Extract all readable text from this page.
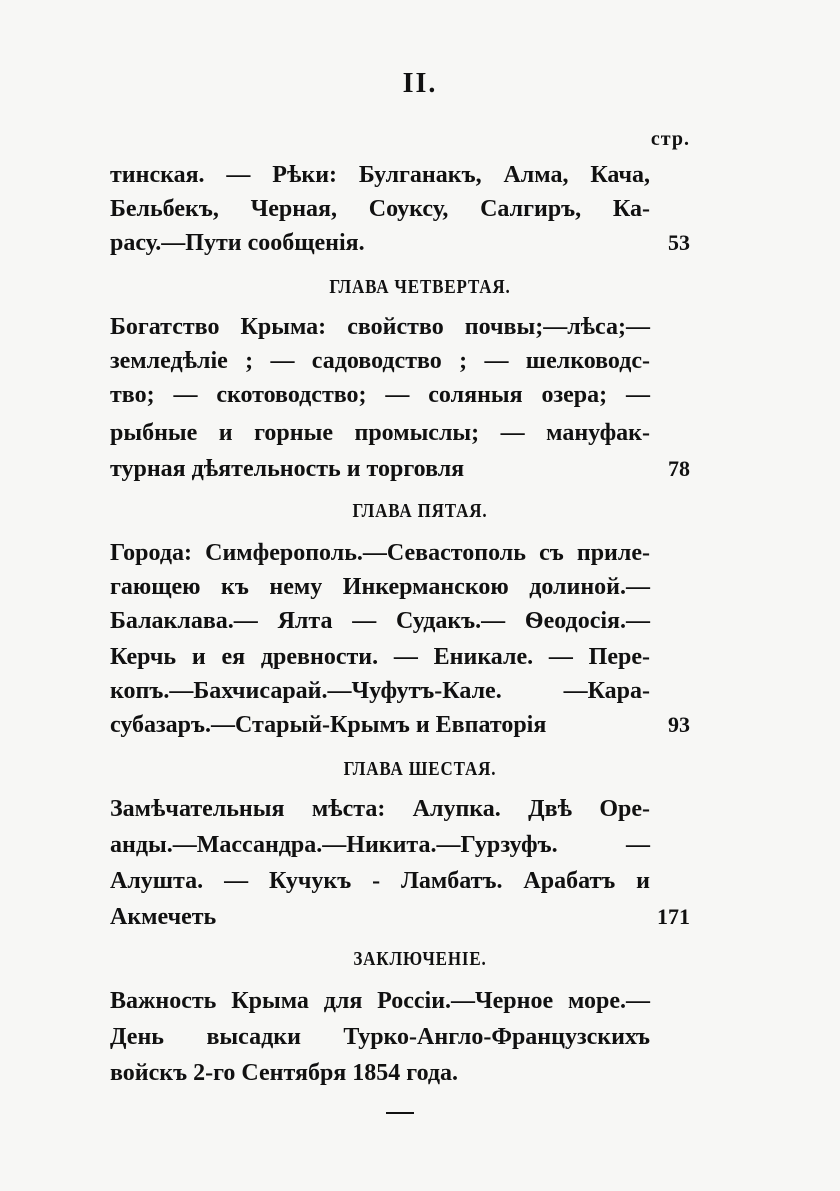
II.
стр.
тинская. — Рѣки: Булганакъ, Алма, Кача,
Бельбекъ, Черная, Соуксу, Салгиръ, Ка-
расу.—Пути сообщенія.	53
ГЛАВА ЧЕТВЕРТАЯ.
Богатство Крыма: свойство почвы;—лѣса;—
земледѣліе ; — садоводство ; — шелководс-
тво; — скотоводство; — соляныя озера; —
рыбные и горные промыслы; — мануфак-
турная дѣятельность и торговля	78
ГЛАВА ПЯТАЯ.
Города: Симферополь.—Севастополь съ приле-
гающею къ нему Инкерманскою долиной.—
Балаклава.— Ялта — Судакъ.— Ѳеодосія.—
Керчь и ея древности. — Еникале. — Пере-
копъ.—Бахчисарай.—Чуфутъ-Кале. —Кара-
субазаръ.—Старый-Крымъ и Евпаторія	93
ГЛАВА ШЕСТАЯ.
Замѣчательныя мѣста: Алупка. Двѣ Оре-
анды.—Массандра.—Никита.—Гурзуфъ. —
Алушта. — Кучукъ - Ламбатъ. Арабатъ и
Акмечеть	171
ЗАКЛЮЧЕНІЕ.
Важность Крыма для Россіи.—Черное море.—
День высадки Турко-Англо-Французскихъ
войскъ 2-го Сентября 1854 года.
